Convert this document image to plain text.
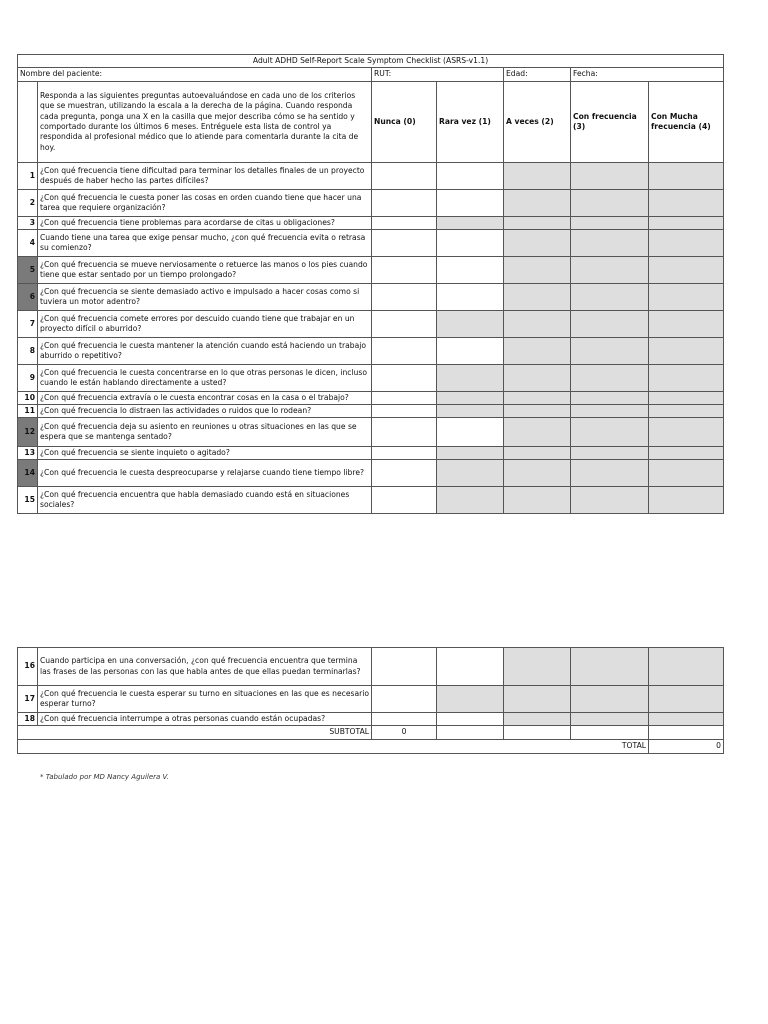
Adult ADHD Self-Report Scale Symptom Checklist (ASRS-v1.1)						
Nombre del paciente:		RUT:		Edad:	Fecha:	
	Responda a las siguientes preguntas autoevaluándose en cada uno de los criterios que se muestran, utilizando la escala a la derecha de la página. Cuando responda cada pregunta, ponga una X en la casilla que mejor describa cómo se ha sentido y comportado durante los últimos 6 meses. Entréguele esta lista de control ya respondida al profesional médico que lo atiende para comentarla durante la cita de hoy.	Nunca (0)	Rara vez (1)	A veces (2)	Con frecuencia (3)	Con Mucha frecuencia (4)
1	¿Con qué frecuencia tiene dificultad para terminar los detalles finales de un proyecto después de haber hecho las partes difíciles?					
2	¿Con qué frecuencia le cuesta poner las cosas en orden cuando tiene que hacer una tarea que requiere organización?					
3	¿Con qué frecuencia tiene problemas para acordarse de citas u obligaciones?					
4	Cuando tiene una tarea que exige pensar mucho, ¿con qué frecuencia evita o retrasa su comienzo?					
5	¿Con qué frecuencia se mueve nerviosamente o retuerce las manos o los pies cuando tiene que estar sentado por un tiempo prolongado?					
6	¿Con qué frecuencia se siente demasiado activo e impulsado a hacer cosas como si tuviera un motor adentro?					
7	¿Con qué frecuencia comete errores por descuido cuando tiene que trabajar en un proyecto difícil o aburrido?					
8	¿Con qué frecuencia le cuesta mantener la atención cuando está haciendo un trabajo aburrido o repetitivo?					
9	¿Con qué frecuencia le cuesta concentrarse en lo que otras personas le dicen, incluso cuando le están hablando directamente a usted?					
10	¿Con qué frecuencia extravía o le cuesta encontrar cosas en la casa o el trabajo?					
11	¿Con qué frecuencia lo distraen las actividades o ruidos que lo rodean?					
12	¿Con qué frecuencia deja su asiento en reuniones u otras situaciones en las que se espera que se mantenga sentado?					
13	¿Con qué frecuencia se siente inquieto o agitado?					
14	¿Con qué frecuencia le cuesta despreocuparse y relajarse cuando tiene tiempo libre?					
15	¿Con qué frecuencia encuentra que habla demasiado cuando está en situaciones sociales?					
16	Cuando participa en una conversación, ¿con qué frecuencia encuentra que termina las frases de las personas con las que habla antes de que ellas puedan terminarlas?					
17	¿Con qué frecuencia le cuesta esperar su turno en situaciones en las que es necesario esperar turno?					
18	¿Con qué frecuencia interrumpe a otras personas cuando están ocupadas?					
SUBTOTAL		0				
TOTAL						0
* Tabulado por MD Nancy Aguilera V.
